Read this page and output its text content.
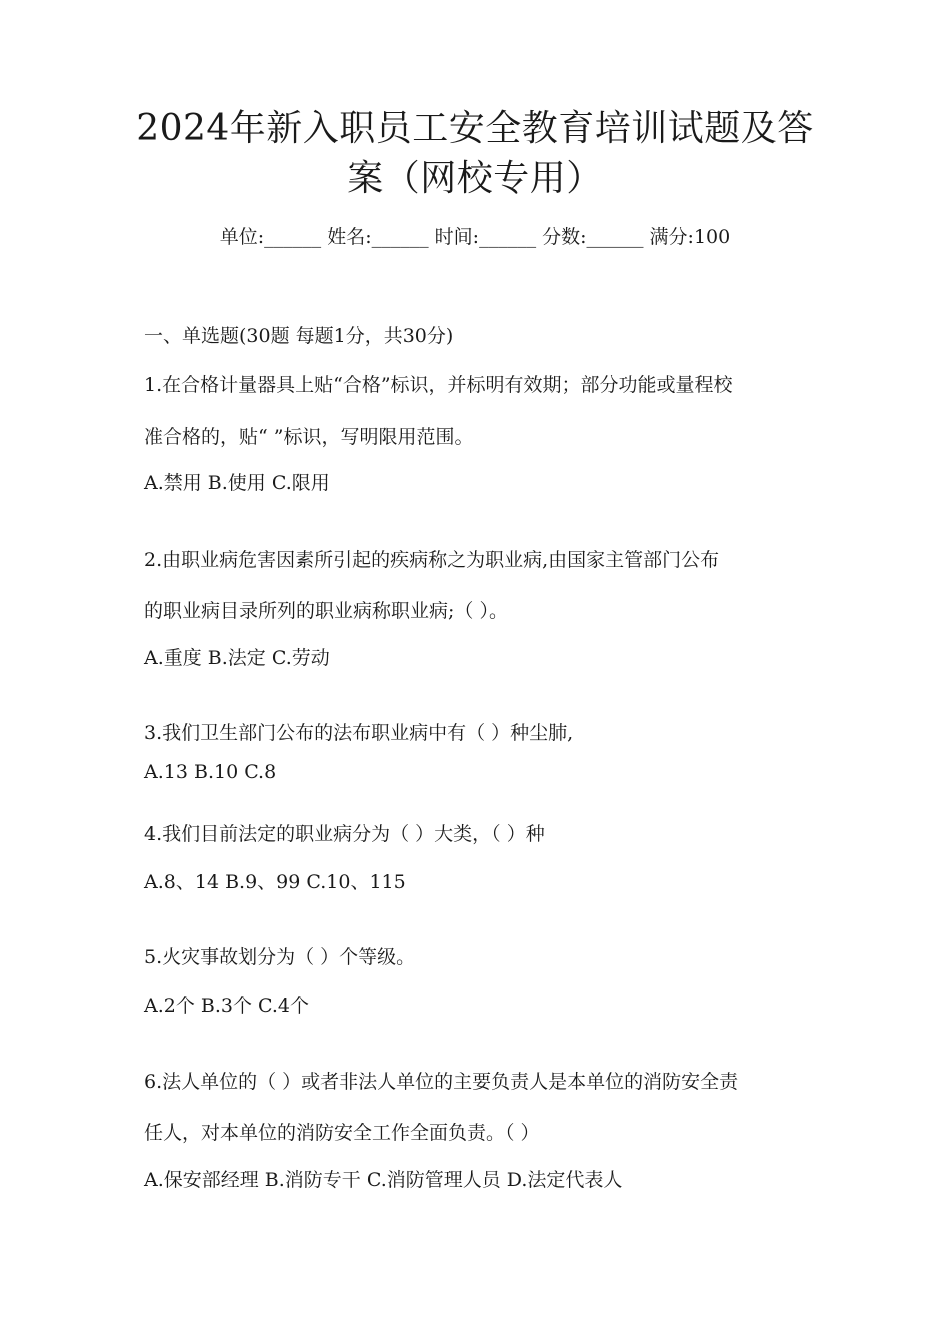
2024年新入职员工安全教育培训试题及答
案（网校专用）
单位:______ 姓名:______ 时间:______ 分数:______ 满分:100
一、单选题(30题 每题1分，共30分)
1.在合格计量器具上贴“合格”标识，并标明有效期；部分功能或量程校
准合格的，贴“ ”标识，写明限用范围。
A.禁用 B.使用 C.限用
2.由职业病危害因素所引起的疾病称之为职业病,由国家主管部门公布
的职业病目录所列的职业病称职业病;（ ）。
A.重度 B.法定 C.劳动
3.我们卫生部门公布的法布职业病中有（ ）种尘肺,
A.13 B.10 C.8
4.我们目前法定的职业病分为（ ）大类，（ ）种
A.8、14 B.9、99 C.10、115
5.火灾事故划分为（ ）个等级。
A.2个 B.3个 C.4个
6.法人单位的（ ）或者非法人单位的主要负责人是本单位的消防安全责
任人，对本单位的消防安全工作全面负责。（ ）
A.保安部经理 B.消防专干 C.消防管理人员 D.法定代表人
